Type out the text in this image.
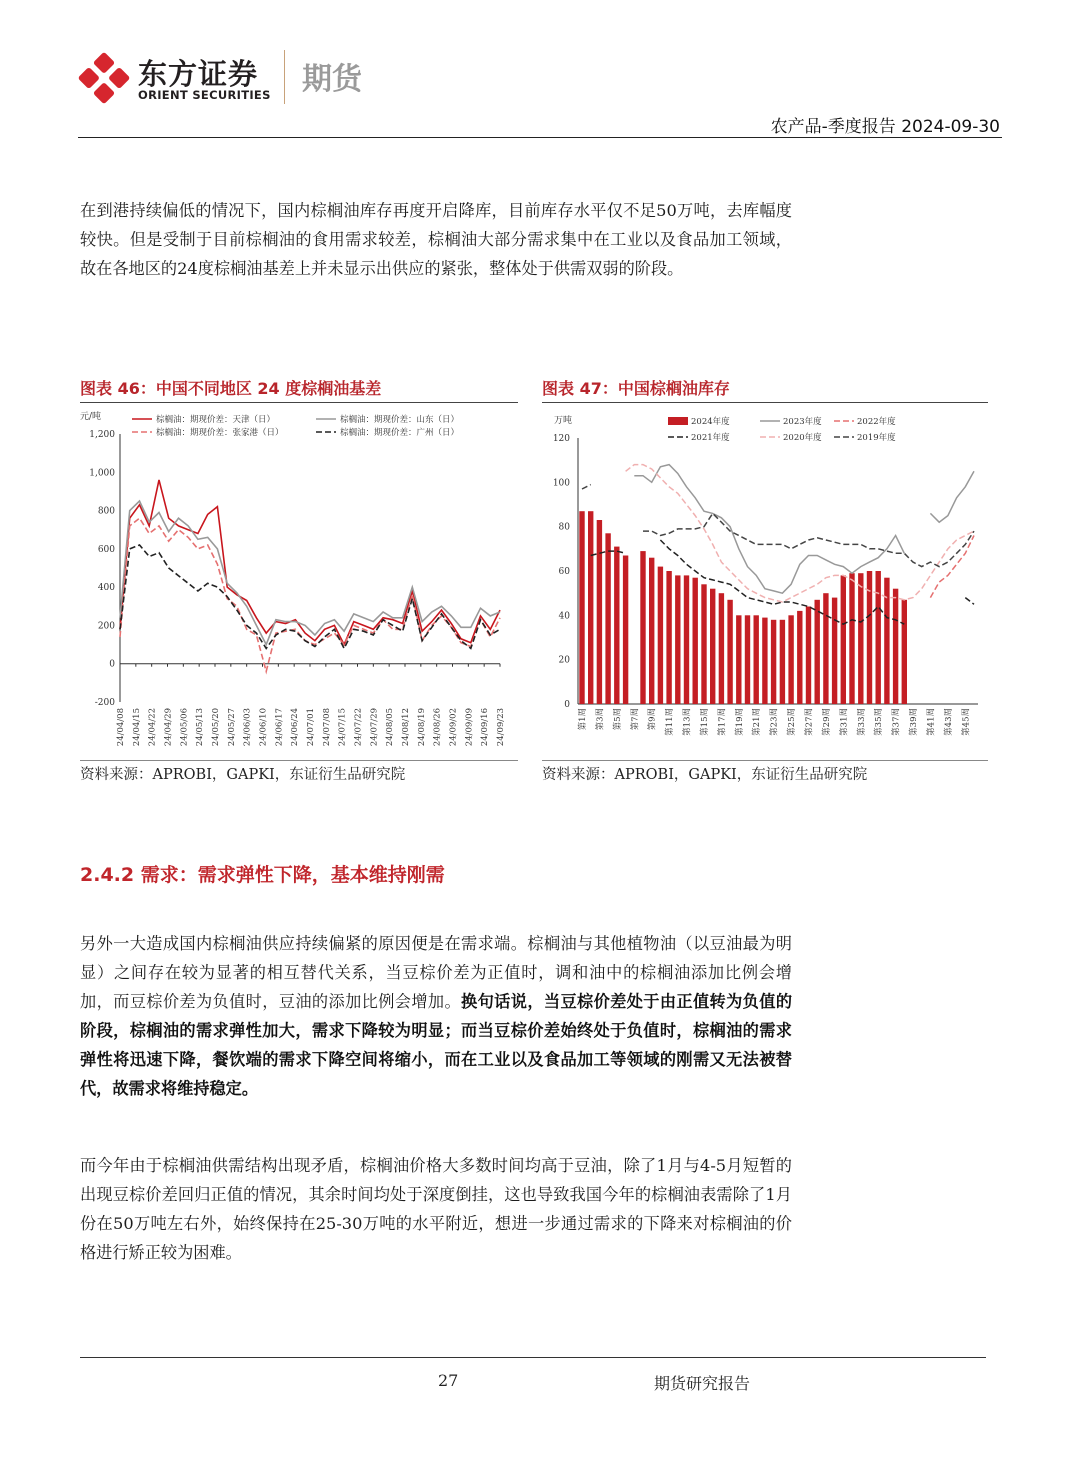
东方证券
ORIENT SECURITIES 期货
农产品-季度报告 2024-09-30
在到港持续偏低的情况下，国内棕榈油库存再度开启降库，目前库存水平仅不足50万吨，去库幅度较快。但是受制于目前棕榈油的食用需求较差，棕榈油大部分需求集中在工业以及食品加工领域，故在各地区的24度棕榈油基差上并未显示出供应的紧张，整体处于供需双弱的阶段。
图表 46：中国不同地区 24 度棕榈油基差
元/吨
-200
0
200
400
600
800
1,000
1,200
24/04/08 24/04/15 24/04/22 24/04/29 24/05/06 24/05/13 24/05/20 24/05/27 24/06/03 24/06/10 24/06/17 24/06/24 24/07/01 24/07/08 24/07/15 24/07/22 24/07/29 24/08/05 24/08/12 24/08/19 24/08/26 24/09/02 24/09/09 24/09/16 24/09/23
棕榈油：期现价差：天津（日）	棕榈油：期现价差：山东（日）
棕榈油：期现价差：张家港（日）	棕榈油：期现价差：广州（日）
资料来源：APROBI，GAPKI，东证衍生品研究院
图表 47：中国棕榈油库存
万吨
0
20
40
60
80
100
120
第1周 第3周 第5周 第7周 第9周 第11周 第13周 第15周 第17周 第19周 第21周 第23周 第25周 第27周 第29周 第31周 第33周 第35周 第37周 第39周 第41周 第43周 第45周
2024年度	2023年度	2022年度
2021年度	2020年度	2019年度
资料来源：APROBI，GAPKI，东证衍生品研究院
2.4.2 需求：需求弹性下降，基本维持刚需
另外一大造成国内棕榈油供应持续偏紧的原因便是在需求端。棕榈油与其他植物油（以豆油最为明显）之间存在较为显著的相互替代关系，当豆棕价差为正值时，调和油中的棕榈油添加比例会增加，而豆棕价差为负值时，豆油的添加比例会增加。换句话说，当豆棕价差处于由正值转为负值的阶段，棕榈油的需求弹性加大，需求下降较为明显；而当豆棕价差始终处于负值时，棕榈油的需求弹性将迅速下降，餐饮端的需求下降空间将缩小，而在工业以及食品加工等领域的刚需又无法被替代，故需求将维持稳定。
而今年由于棕榈油供需结构出现矛盾，棕榈油价格大多数时间均高于豆油，除了1月与4-5月短暂的出现豆棕价差回归正值的情况，其余时间均处于深度倒挂，这也导致我国今年的棕榈油表需除了1月份在50万吨左右外，始终保持在25-30万吨的水平附近，想进一步通过需求的下降来对棕榈油的价格进行矫正较为困难。
27	期货研究报告
